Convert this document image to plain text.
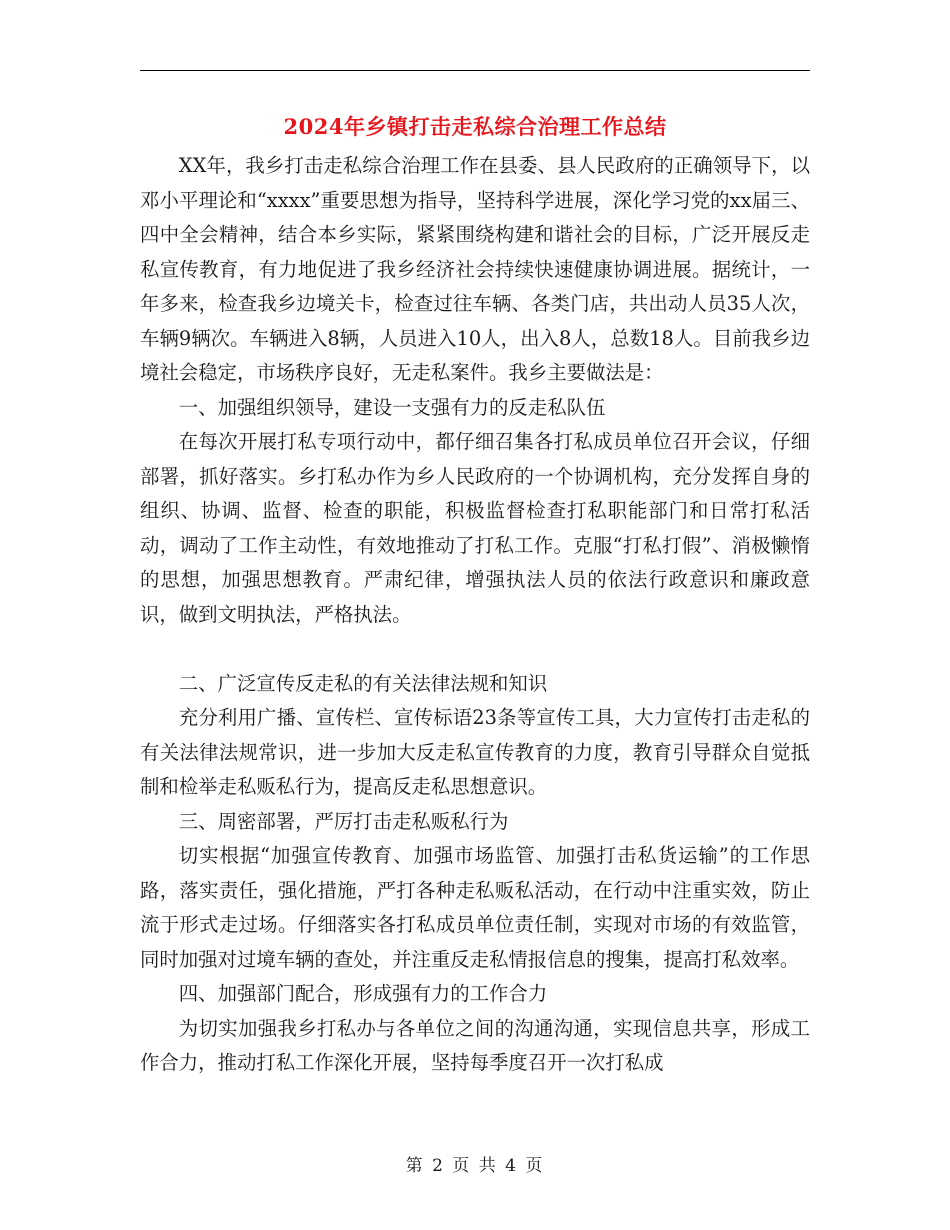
2024年乡镇打击走私综合治理工作总结

XX年，我乡打击走私综合治理工作在县委、县人民政府的正确领导下，以邓小平理论和“xxxx”重要思想为指导，坚持科学进展，深化学习党的xx届三、四中全会精神，结合本乡实际，紧紧围绕构建和谐社会的目标，广泛开展反走私宣传教育，有力地促进了我乡经济社会持续快速健康协调进展。据统计，一年多来，检查我乡边境关卡，检查过往车辆、各类门店，共出动人员35人次，车辆9辆次。车辆进入8辆，人员进入10人，出入8人，总数18人。目前我乡边境社会稳定，市场秩序良好，无走私案件。我乡主要做法是：

一、加强组织领导，建设一支强有力的反走私队伍

在每次开展打私专项行动中，都仔细召集各打私成员单位召开会议，仔细部署，抓好落实。乡打私办作为乡人民政府的一个协调机构，充分发挥自身的组织、协调、监督、检查的职能，积极监督检查打私职能部门和日常打私活动，调动了工作主动性，有效地推动了打私工作。克服“打私打假”、消极懒惰的思想，加强思想教育。严肃纪律，增强执法人员的依法行政意识和廉政意识，做到文明执法，严格执法。

二、广泛宣传反走私的有关法律法规和知识

充分利用广播、宣传栏、宣传标语23条等宣传工具，大力宣传打击走私的有关法律法规常识，进一步加大反走私宣传教育的力度，教育引导群众自觉抵制和检举走私贩私行为，提高反走私思想意识。

三、周密部署，严厉打击走私贩私行为

切实根据“加强宣传教育、加强市场监管、加强打击私货运输”的工作思路，落实责任，强化措施，严打各种走私贩私活动，在行动中注重实效，防止流于形式走过场。仔细落实各打私成员单位责任制，实现对市场的有效监管，同时加强对过境车辆的查处，并注重反走私情报信息的搜集，提高打私效率。

四、加强部门配合，形成强有力的工作合力

为切实加强我乡打私办与各单位之间的沟通沟通，实现信息共享，形成工作合力，推动打私工作深化开展，坚持每季度召开一次打私成

第 2 页 共 4 页
